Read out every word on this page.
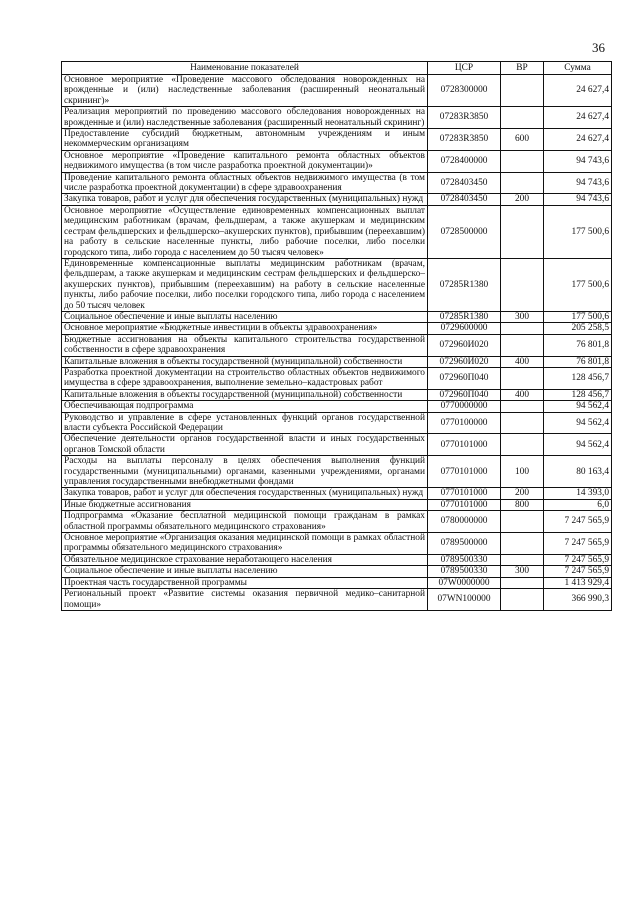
36
Наименование показателей	ЦСР	ВР	Сумма
Основное мероприятие «Проведение массового обследования новорожденных на врожденные и (или) наследственные заболевания (расширенный неонатальный скрининг)»	0728300000		24 627,4
Реализация мероприятий по проведению массового обследования новорожденных на врожденные и (или) наследственные заболевания (расширенный неонатальный скрининг)	07283R3850		24 627,4
Предоставление субсидий бюджетным, автономным учреждениям и иным некоммерческим организациям	07283R3850	600	24 627,4
Основное мероприятие «Проведение капитального ремонта областных объектов недвижимого имущества (в том числе разработка проектной документации)»	0728400000		94 743,6
Проведение капитального ремонта областных объектов недвижимого имущества (в том числе разработка проектной документации) в сфере здравоохранения	0728403450		94 743,6
Закупка товаров, работ и услуг для обеспечения государственных (муниципальных) нужд	0728403450	200	94 743,6
Основное мероприятие «Осуществление единовременных компенсационных выплат медицинским работникам (врачам, фельдшерам, а также акушеркам и медицинским сестрам фельдшерских и фельдшерско–акушерских пунктов), прибывшим (переехавшим) на работу в сельские населенные пункты, либо рабочие поселки, либо поселки городского типа, либо города с населением до 50 тысяч человек»	0728500000		177 500,6
Единовременные компенсационные выплаты медицинским работникам (врачам, фельдшерам, а также акушеркам и медицинским сестрам фельдшерских и фельдшерско–акушерских пунктов), прибывшим (переехавшим) на работу в сельские населенные пункты, либо рабочие поселки, либо поселки городского типа, либо города с населением до 50 тысяч человек	07285R1380		177 500,6
Социальное обеспечение и иные выплаты населению	07285R1380	300	177 500,6
Основное мероприятие «Бюджетные инвестиции в объекты здравоохранения»	0729600000		205 258,5
Бюджетные ассигнования на объекты капитального строительства государственной собственности в сфере здравоохранения	072960И020		76 801,8
Капитальные вложения в объекты государственной (муниципальной) собственности	072960И020	400	76 801,8
Разработка проектной документации на строительство областных объектов недвижимого имущества в сфере здравоохранения, выполнение земельно–кадастровых работ	072960П040		128 456,7
Капитальные вложения в объекты государственной (муниципальной) собственности	072960П040	400	128 456,7
Обеспечивающая подпрограмма	0770000000		94 562,4
Руководство и управление в сфере установленных функций органов государственной власти субъекта Российской Федерации	0770100000		94 562,4
Обеспечение деятельности органов государственной власти и иных государственных органов Томской области	0770101000		94 562,4
Расходы на выплаты персоналу в целях обеспечения выполнения функций государственными (муниципальными) органами, казенными учреждениями, органами управления государственными внебюджетными фондами	0770101000	100	80 163,4
Закупка товаров, работ и услуг для обеспечения государственных (муниципальных) нужд	0770101000	200	14 393,0
Иные бюджетные ассигнования	0770101000	800	6,0
Подпрограмма «Оказание бесплатной медицинской помощи гражданам в рамках областной программы обязательного медицинского страхования»	0780000000		7 247 565,9
Основное мероприятие «Организация оказания медицинской помощи в рамках областной программы обязательного медицинского страхования»	0789500000		7 247 565,9
Обязательное медицинское страхование неработающего населения	0789500330		7 247 565,9
Социальное обеспечение и иные выплаты населению	0789500330	300	7 247 565,9
Проектная часть государственной программы	07W0000000		1 413 929,4
Региональный проект «Развитие системы оказания первичной медико–санитарной помощи»	07WN100000		366 990,3
